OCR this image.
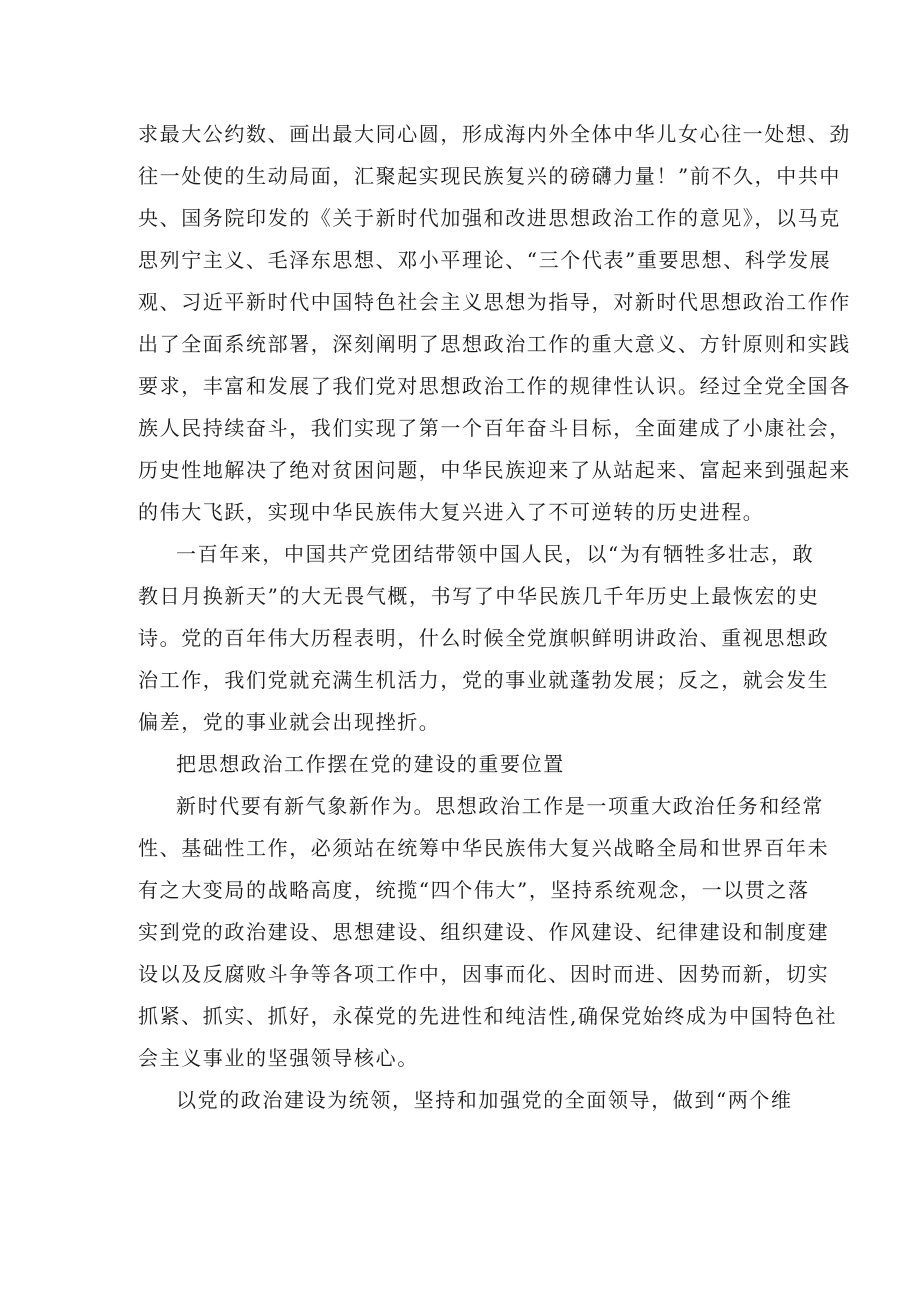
求最大公约数、画出最大同心圆，形成海内外全体中华儿女心往一处想、劲
往一处使的生动局面，汇聚起实现民族复兴的磅礴力量！”前不久，中共中
央、国务院印发的《关于新时代加强和改进思想政治工作的意见》，以马克
思列宁主义、毛泽东思想、邓小平理论、“三个代表”重要思想、科学发展
观、习近平新时代中国特色社会主义思想为指导，对新时代思想政治工作作
出了全面系统部署，深刻阐明了思想政治工作的重大意义、方针原则和实践
要求，丰富和发展了我们党对思想政治工作的规律性认识。经过全党全国各
族人民持续奋斗，我们实现了第一个百年奋斗目标，全面建成了小康社会，
历史性地解决了绝对贫困问题，中华民族迎来了从站起来、富起来到强起来
的伟大飞跃，实现中华民族伟大复兴进入了不可逆转的历史进程。
一百年来，中国共产党团结带领中国人民，以“为有牺牲多壮志，敢
教日月换新天”的大无畏气概，书写了中华民族几千年历史上最恢宏的史
诗。党的百年伟大历程表明，什么时候全党旗帜鲜明讲政治、重视思想政
治工作，我们党就充满生机活力，党的事业就蓬勃发展；反之，就会发生
偏差，党的事业就会出现挫折。
把思想政治工作摆在党的建设的重要位置
新时代要有新气象新作为。思想政治工作是一项重大政治任务和经常
性、基础性工作，必须站在统筹中华民族伟大复兴战略全局和世界百年未
有之大变局的战略高度，统揽“四个伟大”，坚持系统观念，一以贯之落
实到党的政治建设、思想建设、组织建设、作风建设、纪律建设和制度建
设以及反腐败斗争等各项工作中，因事而化、因时而进、因势而新，切实
抓紧、抓实、抓好，永葆党的先进性和纯洁性,确保党始终成为中国特色社
会主义事业的坚强领导核心。
以党的政治建设为统领，坚持和加强党的全面领导，做到“两个维
